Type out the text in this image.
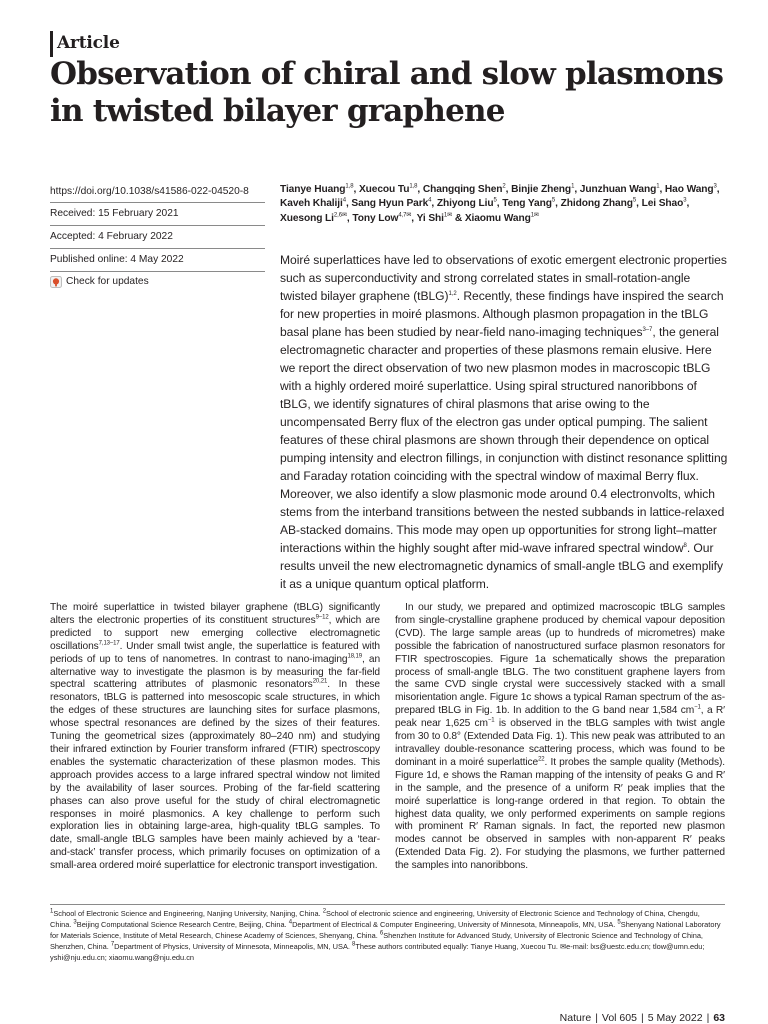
Article
Observation of chiral and slow plasmons in twisted bilayer graphene
https://doi.org/10.1038/s41586-022-04520-8
Received: 15 February 2021
Accepted: 4 February 2022
Published online: 4 May 2022
Check for updates
Tianye Huang$^{1,8}$, Xuecou Tu$^{1,8}$, Changqing Shen$^2$, Binjie Zheng$^1$, Junzhuan Wang$^1$, Hao Wang$^3$, Kaveh Khaliji$^4$, Sang Hyun Park$^4$, Zhiyong Liu$^5$, Teng Yang$^5$, Zhidong Zhang$^5$, Lei Shao$^3$, Xuesong $Li^{2,6✉}$, Tony Low$^{4,7✉}$, Yi Shi$^{1✉}$ & Xiaomu Wang$^{1✉}$
Moiré superlattices have led to observations of exotic emergent electronic properties such as superconductivity and strong correlated states in small-rotation-angle twisted bilayer graphene (tBLG)$^{1,2}$. Recently, these findings have inspired the search for new properties in moiré plasmons. Although plasmon propagation in the tBLG basal plane has been studied by near-field nano-imaging techniques$^{3-7}$, the general electromagnetic character and properties of these plasmons remain elusive. Here we report the direct observation of two new plasmon modes in macroscopic tBLG with a highly ordered moiré superlattice. Using spiral structured nanoribbons of tBLG, we identify signatures of chiral plasmons that arise owing to the uncompensated Berry flux of the electron gas under optical pumping. The salient features of these chiral plasmons are shown through their dependence on optical pumping intensity and electron fillings, in conjunction with distinct resonance splitting and Faraday rotation coinciding with the spectral window of maximal Berry flux. Moreover, we also identify a slow plasmonic mode around 0.4 electronvolts, which stems from the interband transitions between the nested subbands in lattice-relaxed AB-stacked domains. This mode may open up opportunities for strong light–matter interactions within the highly sought after mid-wave infrared spectral window$^8$. Our results unveil the new electromagnetic dynamics of small-angle tBLG and exemplify it as a unique quantum optical platform.
The moiré superlattice in twisted bilayer graphene (tBLG) significantly alters the electronic properties of its constituent structures$^{9-12}$, which are predicted to support new emerging collective electromagnetic oscillations$^{7,13-17}$. Under small twist angle, the superlattice is featured with periods of up to tens of nanometres. In contrast to nano-imaging$^{18,19}$, an alternative way to investigate the plasmon is by measuring the far-field spectral scattering attributes of plasmonic resonators$^{20,21}$. In these resonators, tBLG is patterned into mesoscopic scale structures, in which the edges of these structures are launching sites for surface plasmons, whose spectral resonances are defined by the sizes of their features. Tuning the geometrical sizes (approximately 80–240 nm) and studying their infrared extinction by Fourier transform infrared (FTIR) spectroscopy enables the systematic characterization of these plasmon modes. This approach provides access to a large infrared spectral window not limited by the availability of laser sources. Probing of the far-field scattering phases can also prove useful for the study of chiral electromagnetic responses in moiré plasmonics. A key challenge to perform such exploration lies in obtaining large-area, high-quality tBLG samples. To date, small-angle tBLG samples have been mainly achieved by a ‘tear-and-stack’ transfer process, which primarily focuses on optimization of a small-area ordered moiré superlattice for electronic transport investigation.
 In our study, we prepared and optimized macroscopic tBLG samples from single-crystalline graphene produced by chemical vapour deposition (CVD). The large sample areas (up to hundreds of micrometres) make possible the fabrication of nanostructured surface plasmon resonators for FTIR spectroscopies. Figure 1a schematically shows the preparation process of small-angle tBLG. The two constituent graphene layers from the same CVD single crystal were successively stacked with a small misorientation angle. Figure 1c shows a typical Raman spectrum of the as-prepared tBLG in Fig. 1b. In addition to the G band near 1,584 $cm^{-1}$, a R′ peak near 1,625 $cm^{-1}$ is observed in the tBLG samples with twist angle from 30 to 0.8° (Extended Data Fig. 1). This new peak was attributed to an intravalley double-resonance scattering process, which was found to be dominant in a moiré superlattice$^{22}$. It probes the sample quality (Methods). Figure 1d, e shows the Raman mapping of the intensity of peaks G and R′ in the sample, and the presence of a uniform R′ peak implies that the moiré superlattice is long-range ordered in that region. To obtain the highest data quality, we only performed experiments on sample regions with prominent R′ Raman signals. In fact, the reported new plasmon modes cannot be observed in samples with non-apparent R′ peaks (Extended Data Fig. 2). For studying the plasmons, we further patterned the samples into nanoribbons.
$^1$School of Electronic Science and Engineering, Nanjing University, Nanjing, China. $^2$School of electronic science and engineering, University of Electronic Science and Technology of China, Chengdu, China. $^3$Beijing Computational Science Research Centre, Beijing, China. $^4$Department of Electrical & Computer Engineering, University of Minnesota, Minneapolis, MN, USA. $^5$Shenyang National Laboratory for Materials Science, Institute of Metal Research, Chinese Academy of Sciences, Shenyang, China. $^6$Shenzhen Institute for Advanced Study, University of Electronic Science and Technology of China, Shenzhen, China. $^7$Department of Physics, University of Minnesota, Minneapolis, MN, USA. $^8$These authors contributed equally: Tianye Huang, Xuecou Tu. ✉e-mail: lxs@uestc.edu.cn; tlow@umn.edu; yshi@nju.edu.cn; xiaomu.wang@nju.edu.cn
Nature | Vol 605 | 5 May 2022 | 63
